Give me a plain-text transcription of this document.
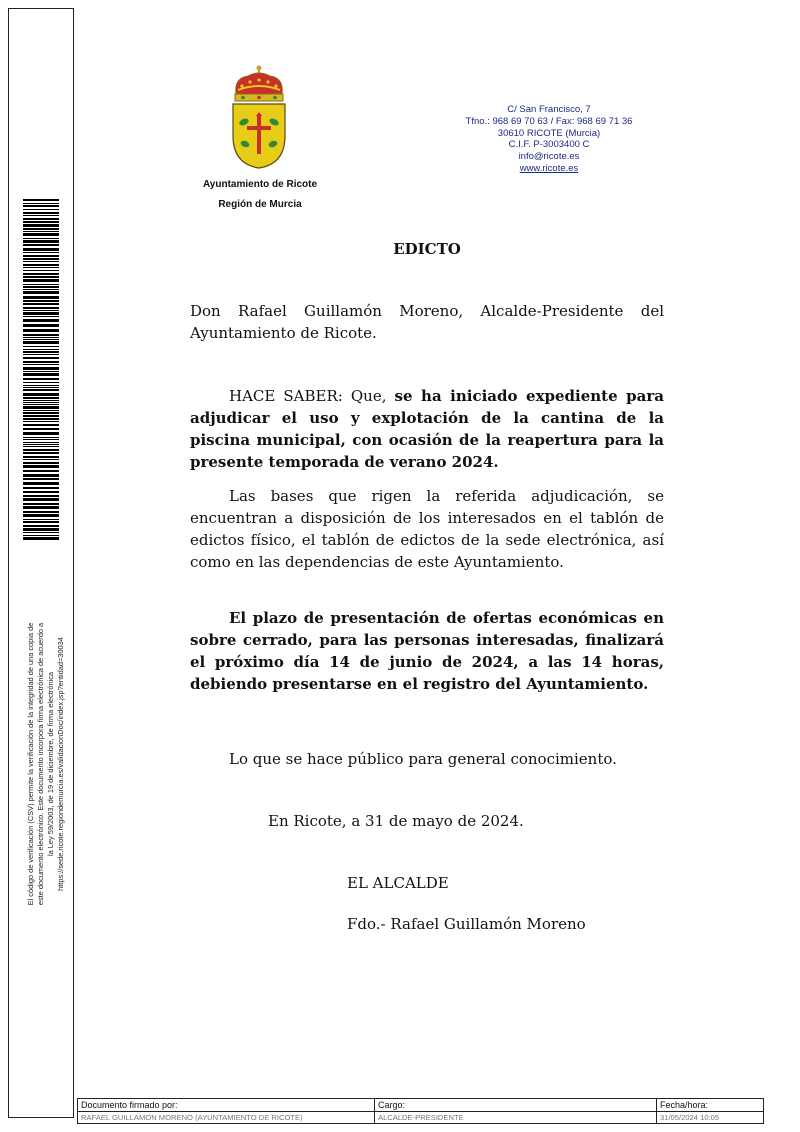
El código de verificación (CSV) permite la verificación de la integridad de una copia de este documento electrónico. Este documento incorpora firma electrónica de acuerdo a la Ley 59/2003, de 19 de diciembre, de firma electrónica https://sede.ricote.regiondemurcia.es/validacionDoc/index.jsp?entidad=30034

Ayuntamiento de Ricote
Región de Murcia
C/ San Francisco, 7
Tfno.: 968 69 70 63 / Fax: 968 69 71 36
30610 RICOTE (Murcia)
C.I.F. P-3003400 C
info@ricote.es
www.ricote.es
EDICTO

Don Rafael Guillamón Moreno, Alcalde-Presidente del Ayuntamiento de Ricote.

HACE SABER: Que, se ha iniciado expediente para adjudicar el uso y explotación de la cantina de la piscina municipal, con ocasión de la reapertura para la presente temporada de verano 2024.

Las bases que rigen la referida adjudicación, se encuentran a disposición de los interesados en el tablón de edictos físico, el tablón de edictos de la sede electrónica, así como en las dependencias de este Ayuntamiento.

El plazo de presentación de ofertas económicas en sobre cerrado, para las personas interesadas, finalizará el próximo día 14 de junio de 2024, a las 14 horas, debiendo presentarse en el registro del Ayuntamiento.

Lo que se hace público para general conocimiento.
En Ricote, a 31 de mayo de 2024.
EL ALCALDE
Fdo.- Rafael Guillamón Moreno
Documento firmado por:
RAFAEL GUILLAMON MORENO (AYUNTAMIENTO DE RICOTE)
Cargo:
ALCALDE-PRESIDENTE
Fecha/hora:
31/05/2024 10:05
